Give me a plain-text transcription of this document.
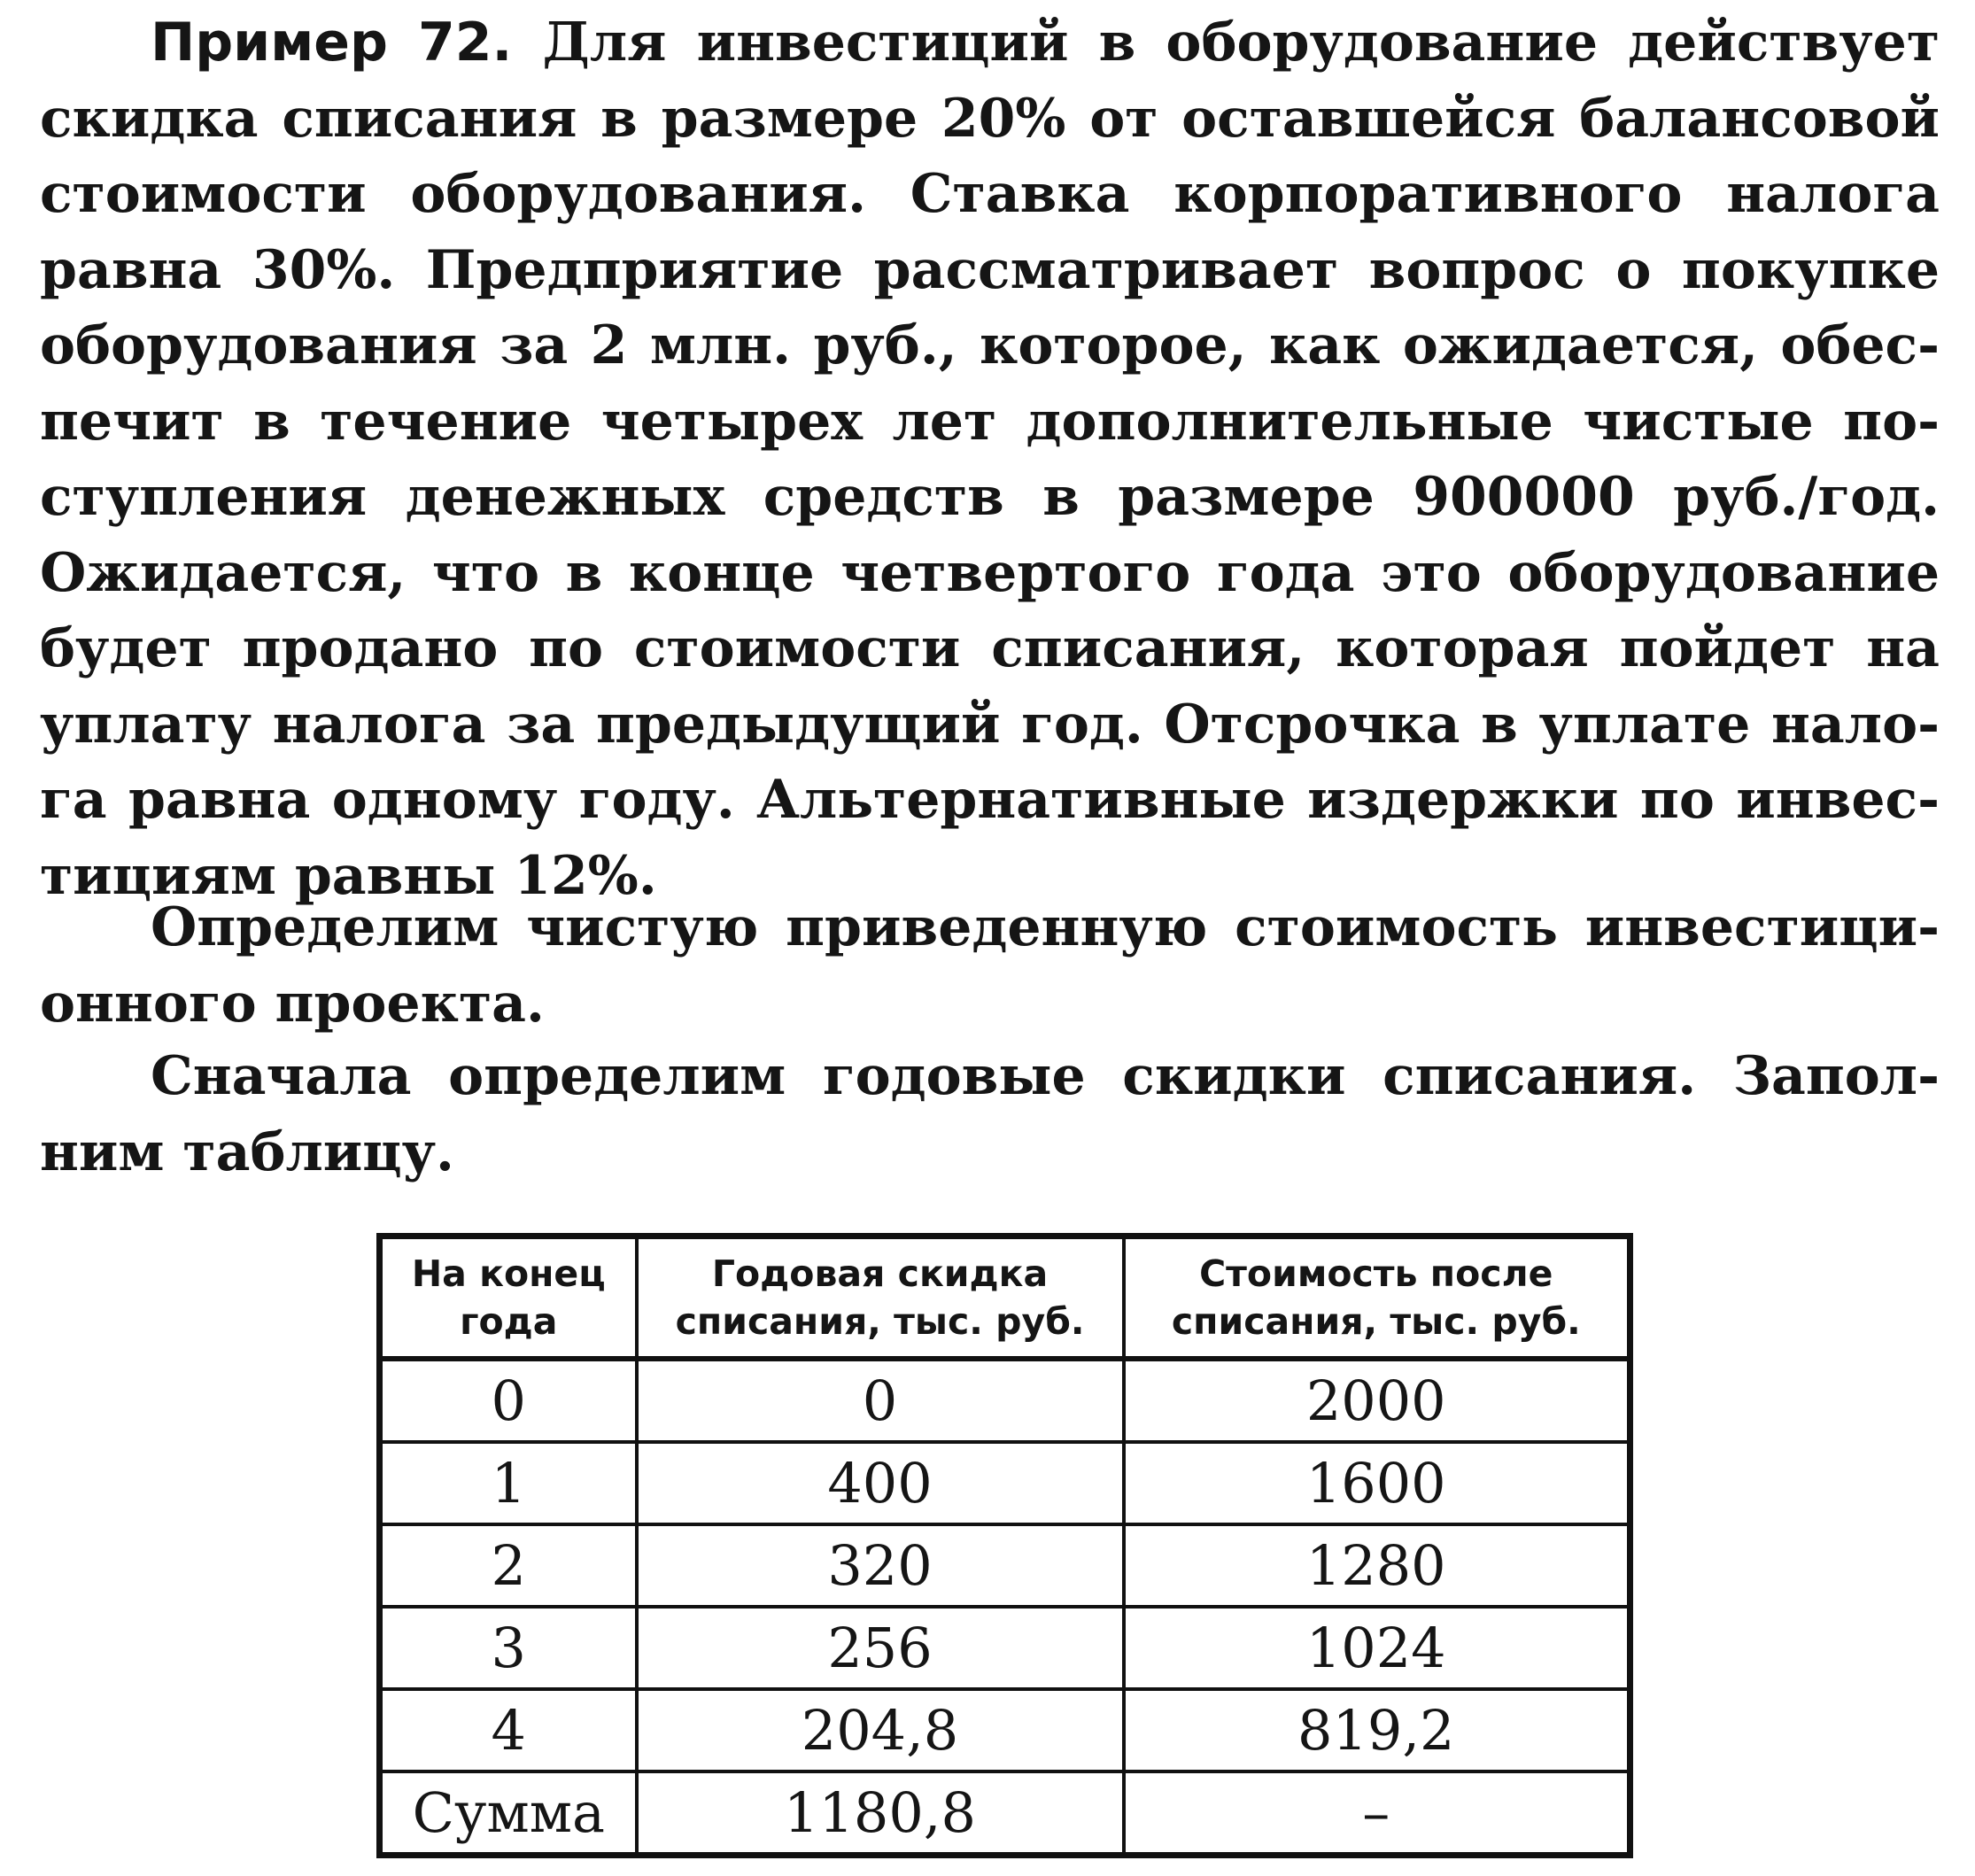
Пример 72. Для инвестиций в оборудование действует скидка списания в размере 20% от оставшейся балансовой стоимости оборудования. Ставка корпоративного налога равна 30%. Предприятие рассматривает вопрос о покупке оборудования за 2 млн. руб., которое, как ожидается, обеспечит в течение четырех лет дополнительные чистые поступления денежных средств в размере 900000 руб./год. Ожидается, что в конце четвертого года это оборудование будет продано по стоимости списания, которая пойдет на уплату налога за предыдущий год. Отсрочка в уплате налога равна одному году. Альтернативные издержки по инвестициям равны 12%.

Определим чистую приведенную стоимость инвестиционного проекта.

Сначала определим годовые скидки списания. Заполним таблицу.

На конец года	Годовая скидка списания, тыс. руб.	Стоимость после списания, тыс. руб.
0	0	2000
1	400	1600
2	320	1280
3	256	1024
4	204,8	819,2
Сумма	1180,8	–
